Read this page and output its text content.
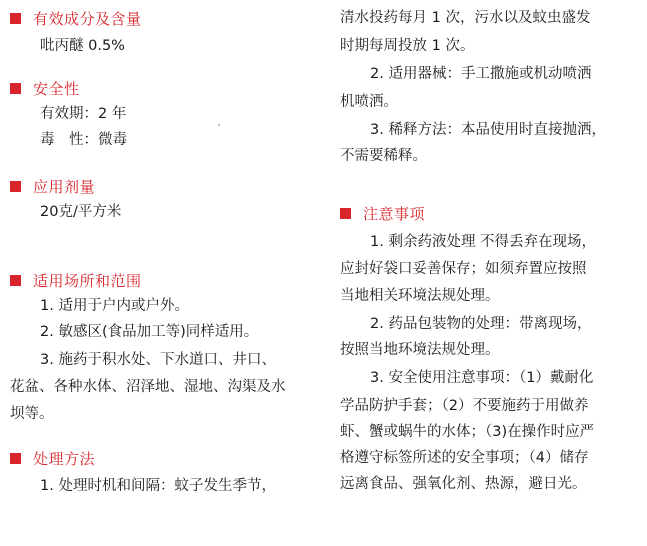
有效成分及含量
吡丙醚 0.5%
安全性
有效期：2 年
毒　性：微毒
应用剂量
20克/平方米
适用场所和范围
1. 适用于户内或户外。
2. 敏感区(食品加工等)同样适用。
3. 施药于积水处、下水道口、井口、
花盆、各种水体、沼泽地、湿地、沟渠及水
坝等。
处理方法
1. 处理时机和间隔：蚊子发生季节，
清水投药每月 1 次，污水以及蚊虫盛发
时期每周投放 1 次。
2. 适用器械：手工撒施或机动喷洒
机喷洒。
3. 稀释方法：本品使用时直接抛洒，
不需要稀释。
注意事项
1. 剩余药液处理 不得丢弃在现场，
应封好袋口妥善保存；如须弃置应按照
当地相关环境法规处理。
2. 药品包装物的处理：带离现场，
按照当地环境法规处理。
3. 安全使用注意事项：（1）戴耐化
学品防护手套；（2）不要施药于用做养
虾、蟹或蜗牛的水体；（3)在操作时应严
格遵守标签所述的安全事项；（4）储存
远离食品、强氧化剂、热源，避日光。
